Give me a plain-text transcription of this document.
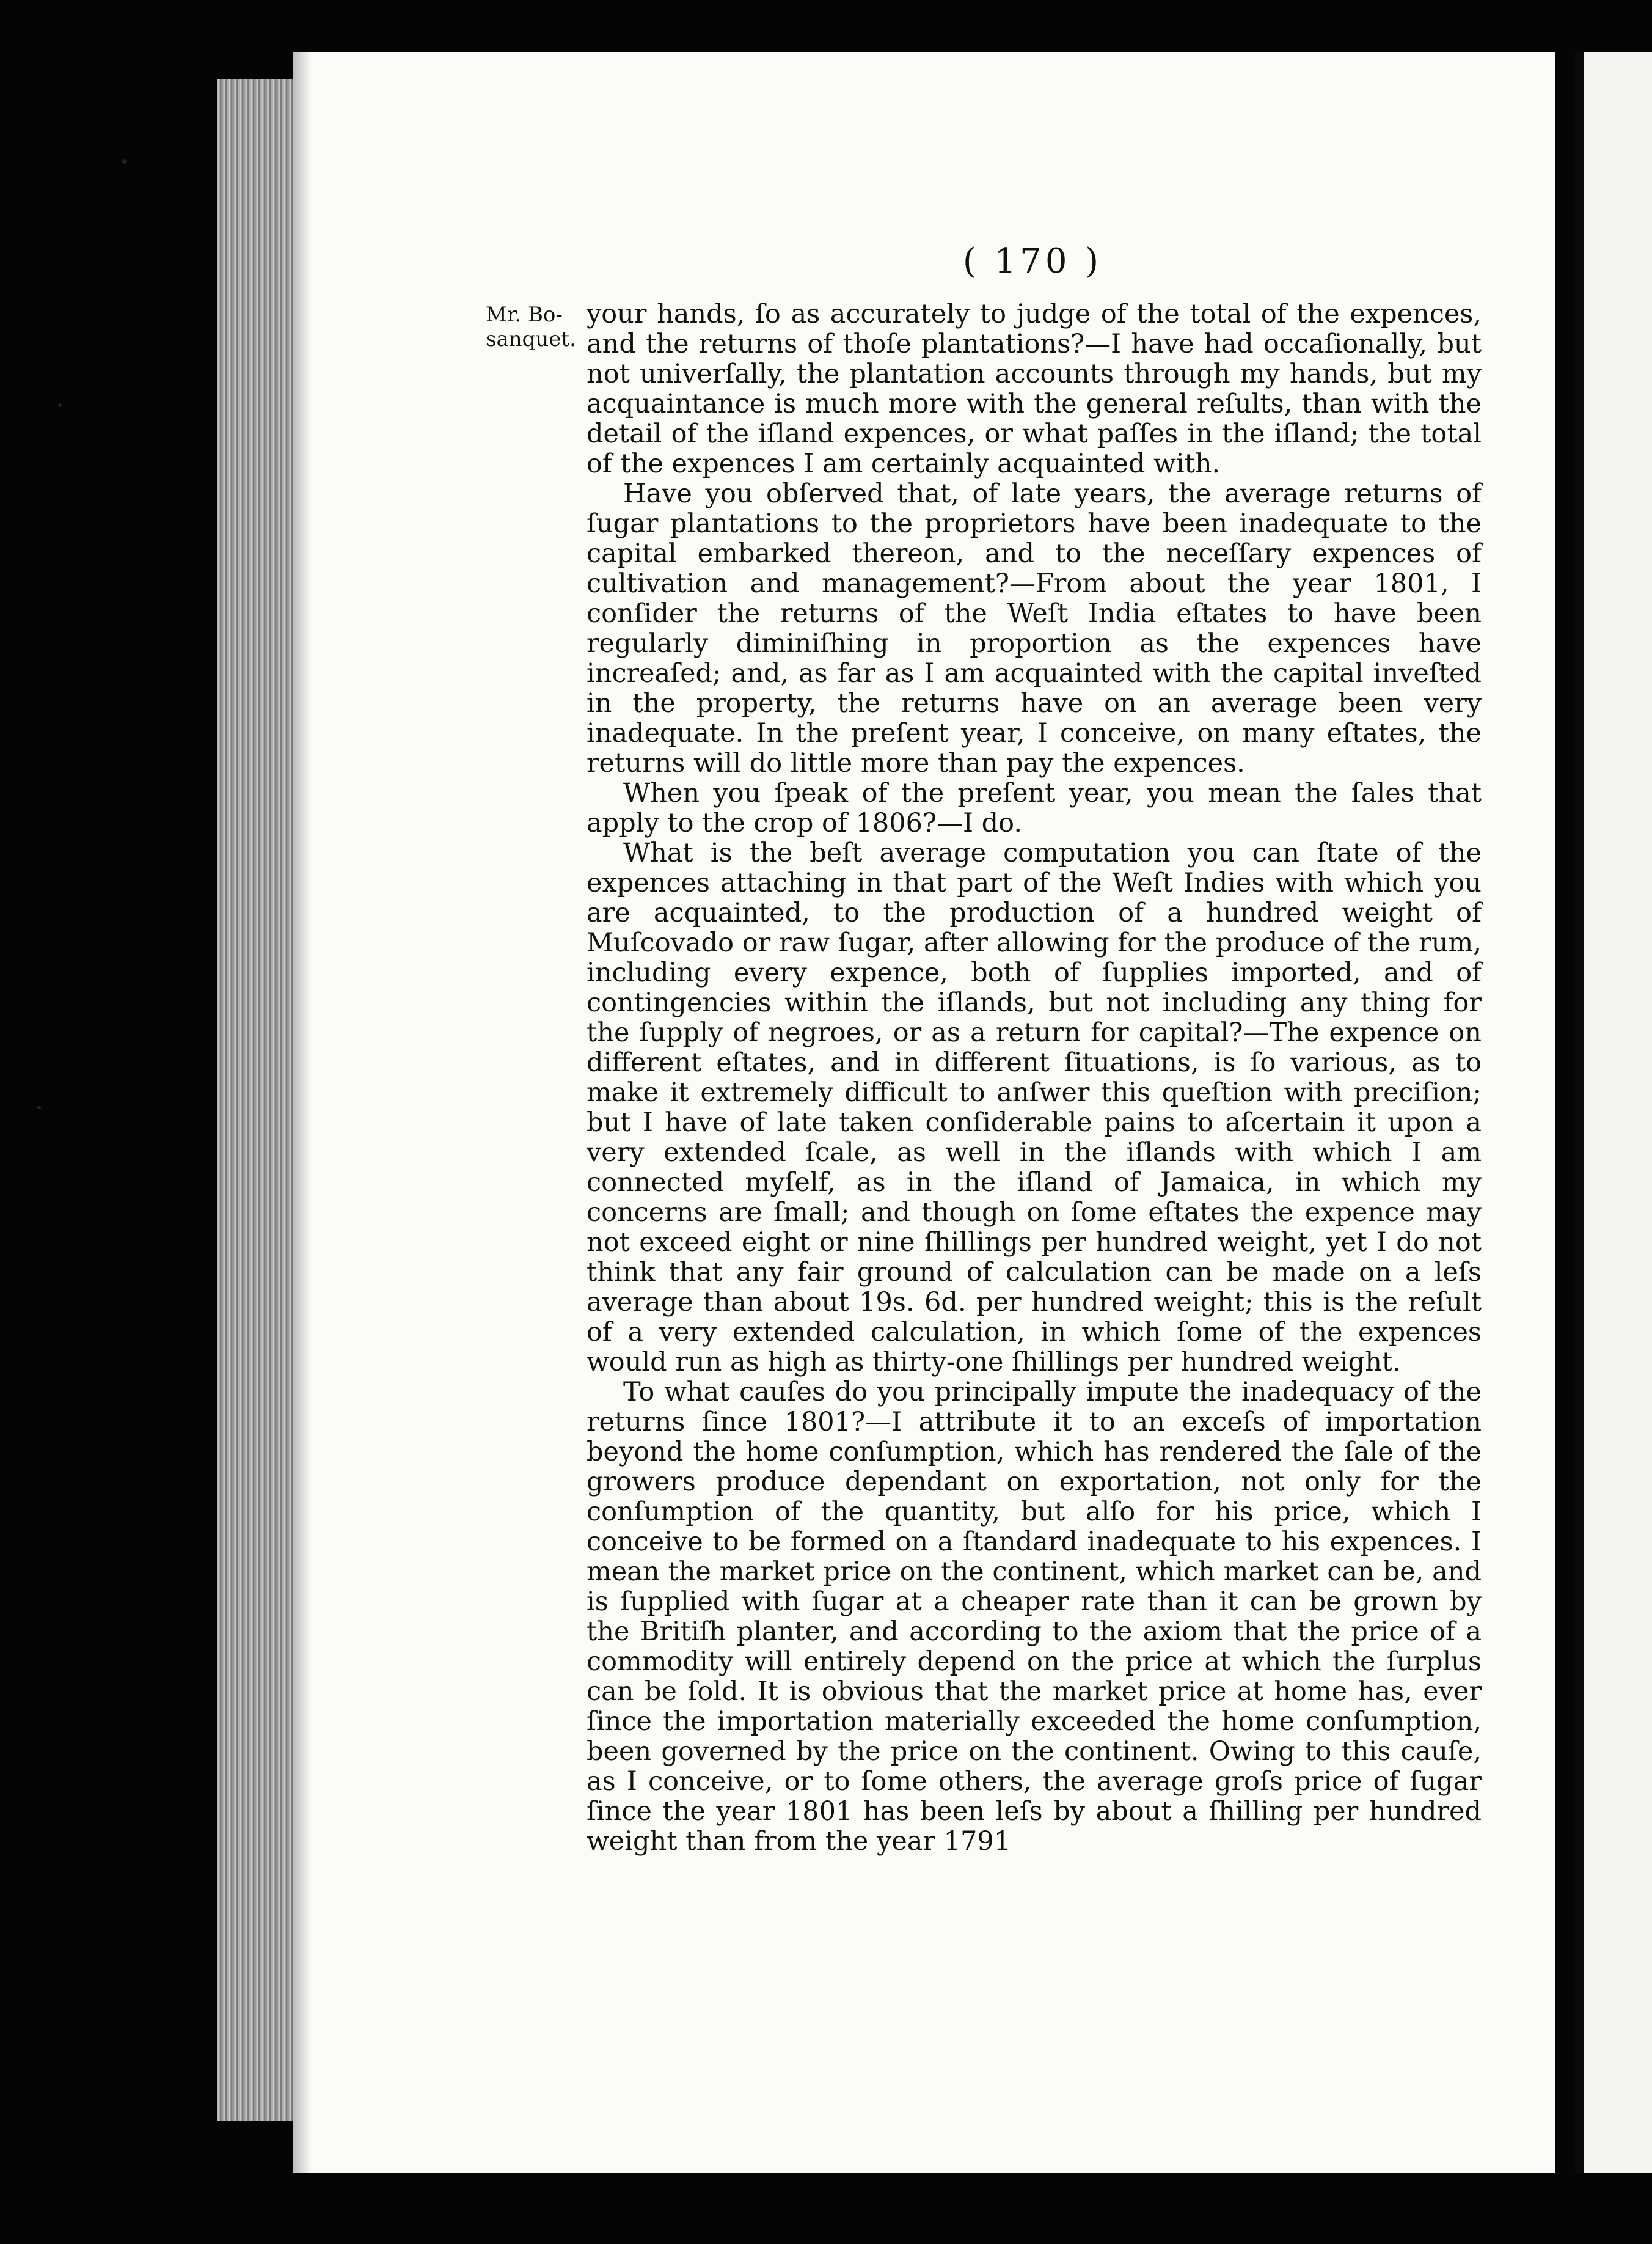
( 170 )
Mr. Bo-
sanquet.

your hands, ſo as accurately to judge of the total of the expences, and the returns of thoſe plantations?—I have had occaſionally, but not univerſally, the plantation accounts through my hands, but my acquaintance is much more with the general reſults, than with the detail of the iſland expences, or what paſſes in the iſland; the total of the expences I am certainly acquainted with.

Have you obſerved that, of late years, the average returns of ſugar plantations to the proprietors have been inadequate to the capital embarked thereon, and to the neceſſary expences of cultivation and management?—From about the year 1801, I conſider the returns of the Weſt India eſtates to have been regularly diminiſhing in proportion as the expences have increaſed; and, as far as I am acquainted with the capital inveſted in the property, the returns have on an average been very inadequate. In the preſent year, I conceive, on many eſtates, the returns will do little more than pay the expences.

When you ſpeak of the preſent year, you mean the ſales that apply to the crop of 1806?—I do.

What is the beſt average computation you can ſtate of the expences attaching in that part of the Weſt Indies with which you are acquainted, to the production of a hundred weight of Muſcovado or raw ſugar, after allowing for the produce of the rum, including every expence, both of ſupplies imported, and of contingencies within the iſlands, but not including any thing for the ſupply of negroes, or as a return for capital?—The expence on different eſtates, and in different ſituations, is ſo various, as to make it extremely difficult to anſwer this queſtion with preciſion; but I have of late taken conſiderable pains to aſcertain it upon a very extended ſcale, as well in the iſlands with which I am connected myſelf, as in the iſland of Jamaica, in which my concerns are ſmall; and though on ſome eſtates the expence may not exceed eight or nine ſhillings per hundred weight, yet I do not think that any fair ground of calculation can be made on a leſs average than about 19s. 6d. per hundred weight; this is the reſult of a very extended calculation, in which ſome of the expences would run as high as thirty-one ſhillings per hundred weight.

To what cauſes do you principally impute the inadequacy of the returns ſince 1801?—I attribute it to an exceſs of importation beyond the home conſumption, which has rendered the ſale of the growers produce dependant on exportation, not only for the conſumption of the quantity, but alſo for his price, which I conceive to be formed on a ſtandard inadequate to his expences. I mean the market price on the continent, which market can be, and is ſupplied with ſugar at a cheaper rate than it can be grown by the Britiſh planter, and according to the axiom that the price of a commodity will entirely depend on the price at which the ſurplus can be ſold. It is obvious that the market price at home has, ever ſince the importation materially exceeded the home conſumption, been governed by the price on the continent. Owing to this cauſe, as I conceive, or to ſome others, the average groſs price of ſugar ſince the year 1801 has been leſs by about a ſhilling per hundred weight than from the year 1791
